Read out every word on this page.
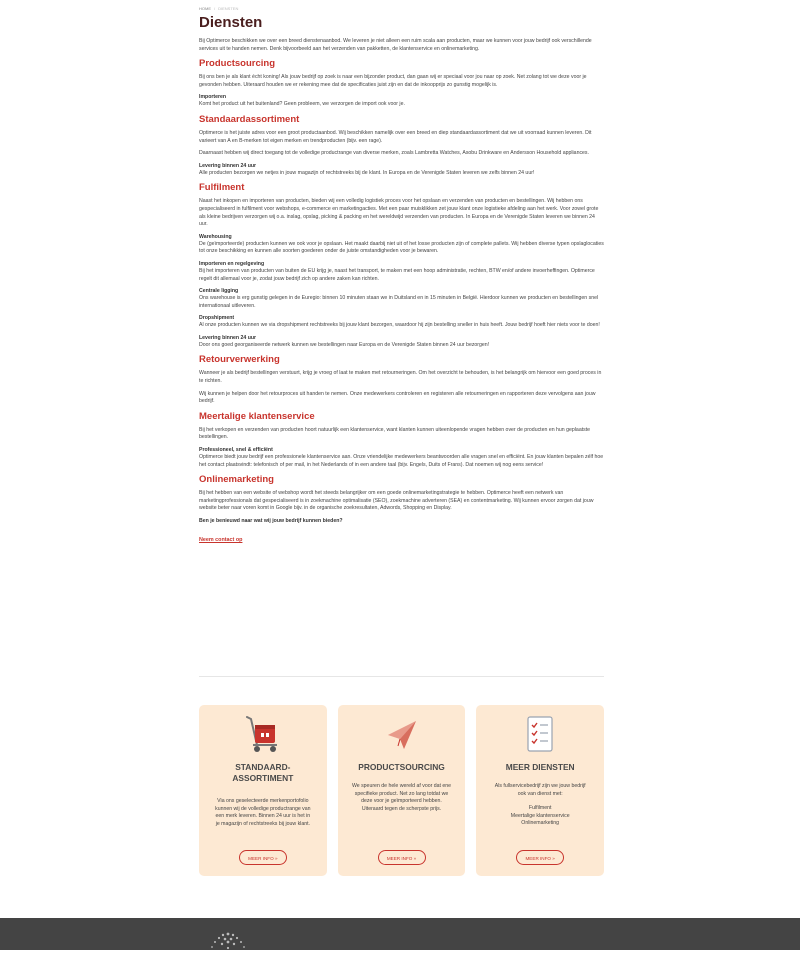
HOME / DIENSTEN
Diensten

Bij Optimerce beschikken we over een breed dienstenaanbod. We leveren je niet alleen een ruim scala aan producten, maar we kunnen voor jouw bedrijf ook verschillende services uit te handen nemen. Denk bijvoorbeeld aan het verzenden van pakketten, de klantenservice en onlinemarketing.

Productsourcing

Bij ons ben je als klant écht koning! Als jouw bedrijf op zoek is naar een bijzonder product, dan gaan wij er speciaal voor jou naar op zoek. Net zolang tot we deze voor je gevonden hebben. Uiteraard houden we er rekening mee dat de specificaties juist zijn en dat de inkoopprijs zo gunstig mogelijk is.

Importeren

Komt het product uit het buitenland? Geen probleem, we verzorgen de import ook voor je.

Standaardassortiment

Optimerce is het juiste adres voor een groot productaanbod. Wij beschikken namelijk over een breed en diep standaardassortiment dat we uit voorraad kunnen leveren. Dit varieert van A en B-merken tot eigen merken en trendproducten (bijv. een rage).

Daarnaast hebben wij direct toegang tot de volledige productrange van diverse merken, zoals Lambretta Watches, Asobu Drinkware en Andersson Household appliances.

Levering binnen 24 uur

Alle producten bezorgen we netjes in jouw magazijn of rechtstreeks bij de klant. In Europa en de Verenigde Staten leveren we zelfs binnen 24 uur!

Fulfilment

Naast het inkopen en importeren van producten, bieden wij een volledig logistiek proces voor het opslaan en verzenden van producten en bestellingen. Wij hebben ons gespecialiseerd in fulfilment voor webshops, e-commerce en marketingacties. Met een paar muisklikken zet jouw klant onze logistieke afdeling aan het werk. Voor zowel grote als kleine bedrijven verzorgen wij o.a. inslag, opslag, picking & packing en het wereldwijd verzenden van producten. In Europa en de Verenigde Staten leveren we binnen 24 uur.

Warehousing

De (geïmporteerde) producten kunnen we ook voor je opslaan. Het maakt daarbij niet uit of het losse producten zijn of complete pallets. Wij hebben diverse typen opslaglocaties tot onze beschikking en kunnen alle soorten goederen onder de juiste omstandigheden voor je bewaren.

Importeren en regelgeving

Bij het importeren van producten van buiten de EU krijg je, naast het transport, te maken met een hoop administratie, rechten, BTW en/of andere invoerheffingen. Optimerce regelt dit allemaal voor je, zodat jouw bedrijf zich op andere zaken kan richten.

Centrale ligging

Ons warehouse is erg gunstig gelegen in de Euregio: binnen 10 minuten staan we in Duitsland en in 15 minuten in België. Hierdoor kunnen we producten en bestellingen snel internationaal uitleveren.

Dropshipment

Al onze producten kunnen we via dropshipment rechtstreeks bij jouw klant bezorgen, waardoor hij zijn bestelling sneller in huis heeft. Jouw bedrijf hoeft hier niets voor te doen!

Levering binnen 24 uur

Door ons goed georganiseerde netwerk kunnen we bestellingen naar Europa en de Verenigde Staten binnen 24 uur bezorgen!

Retourverwerking

Wanneer je als bedrijf bestellingen verstuurt, krijg je vroeg of laat te maken met retourneringen. Om het overzicht te behouden, is het belangrijk om hiervoor een goed proces in te richten.

Wij kunnen je helpen door het retourproces uit handen te nemen. Onze medewerkers controleren en registeren alle retourneringen en rapporteren deze vervolgens aan jouw bedrijf.

Meertalige klantenservice

Bij het verkopen en verzenden van producten hoort natuurlijk een klantenservice, want klanten kunnen uiteenlopende vragen hebben over de producten en hun geplaatste bestellingen.

Professioneel, snel & efficiënt

Optimerce biedt jouw bedrijf een professionele klantenservice aan. Onze vriendelijke medewerkers beantwoorden alle vragen snel en efficiënt. En jouw klanten bepalen zélf hoe het contact plaatsvindt: telefonisch of per mail, in het Nederlands of in een andere taal (bijv. Engels, Duits of Frans). Dat noemen wij nog eens service!

Onlinemarketing

Bij het hebben van een website of webshop wordt het steeds belangrijker om een goede onlinemarketingstrategie te hebben. Optimerce heeft een netwerk van marketingprofessionals dat gespecialiseerd is in zoekmachine optimalisatie (SEO), zoekmachine adverteren (SEA) en contentmarketing. Wij kunnen ervoor zorgen dat jouw website beter naar voren komt in Google bijv. in de organische zoekresultaten, Adwords, Shopping en Display.

Ben je benieuwd naar wat wij jouw bedrijf kunnen bieden?

Neem contact op
STANDAARD-
ASSORTIMENT
Via ons geselecteerde merkenportofolio kunnen wij de volledige productrange van een merk leveren. Binnen 24 uur is het in je magazijn of rechtstreeks bij jouw klant.
MEER INFO »
PRODUCTSOURCING
We speuren de hele wereld af voor dat ene specifieke product. Net zo lang totdat we deze voor je geïmporteerd hebben. Uiteraard tegen de scherpste prijs.
MEER INFO »
MEER DIENSTEN
Als fullservicebedrijf zijn we jouw bedrijf ook van dienst met:
Fulfilment
Meertalige klantenservice
Onlinemarketing
MEER INFO »
